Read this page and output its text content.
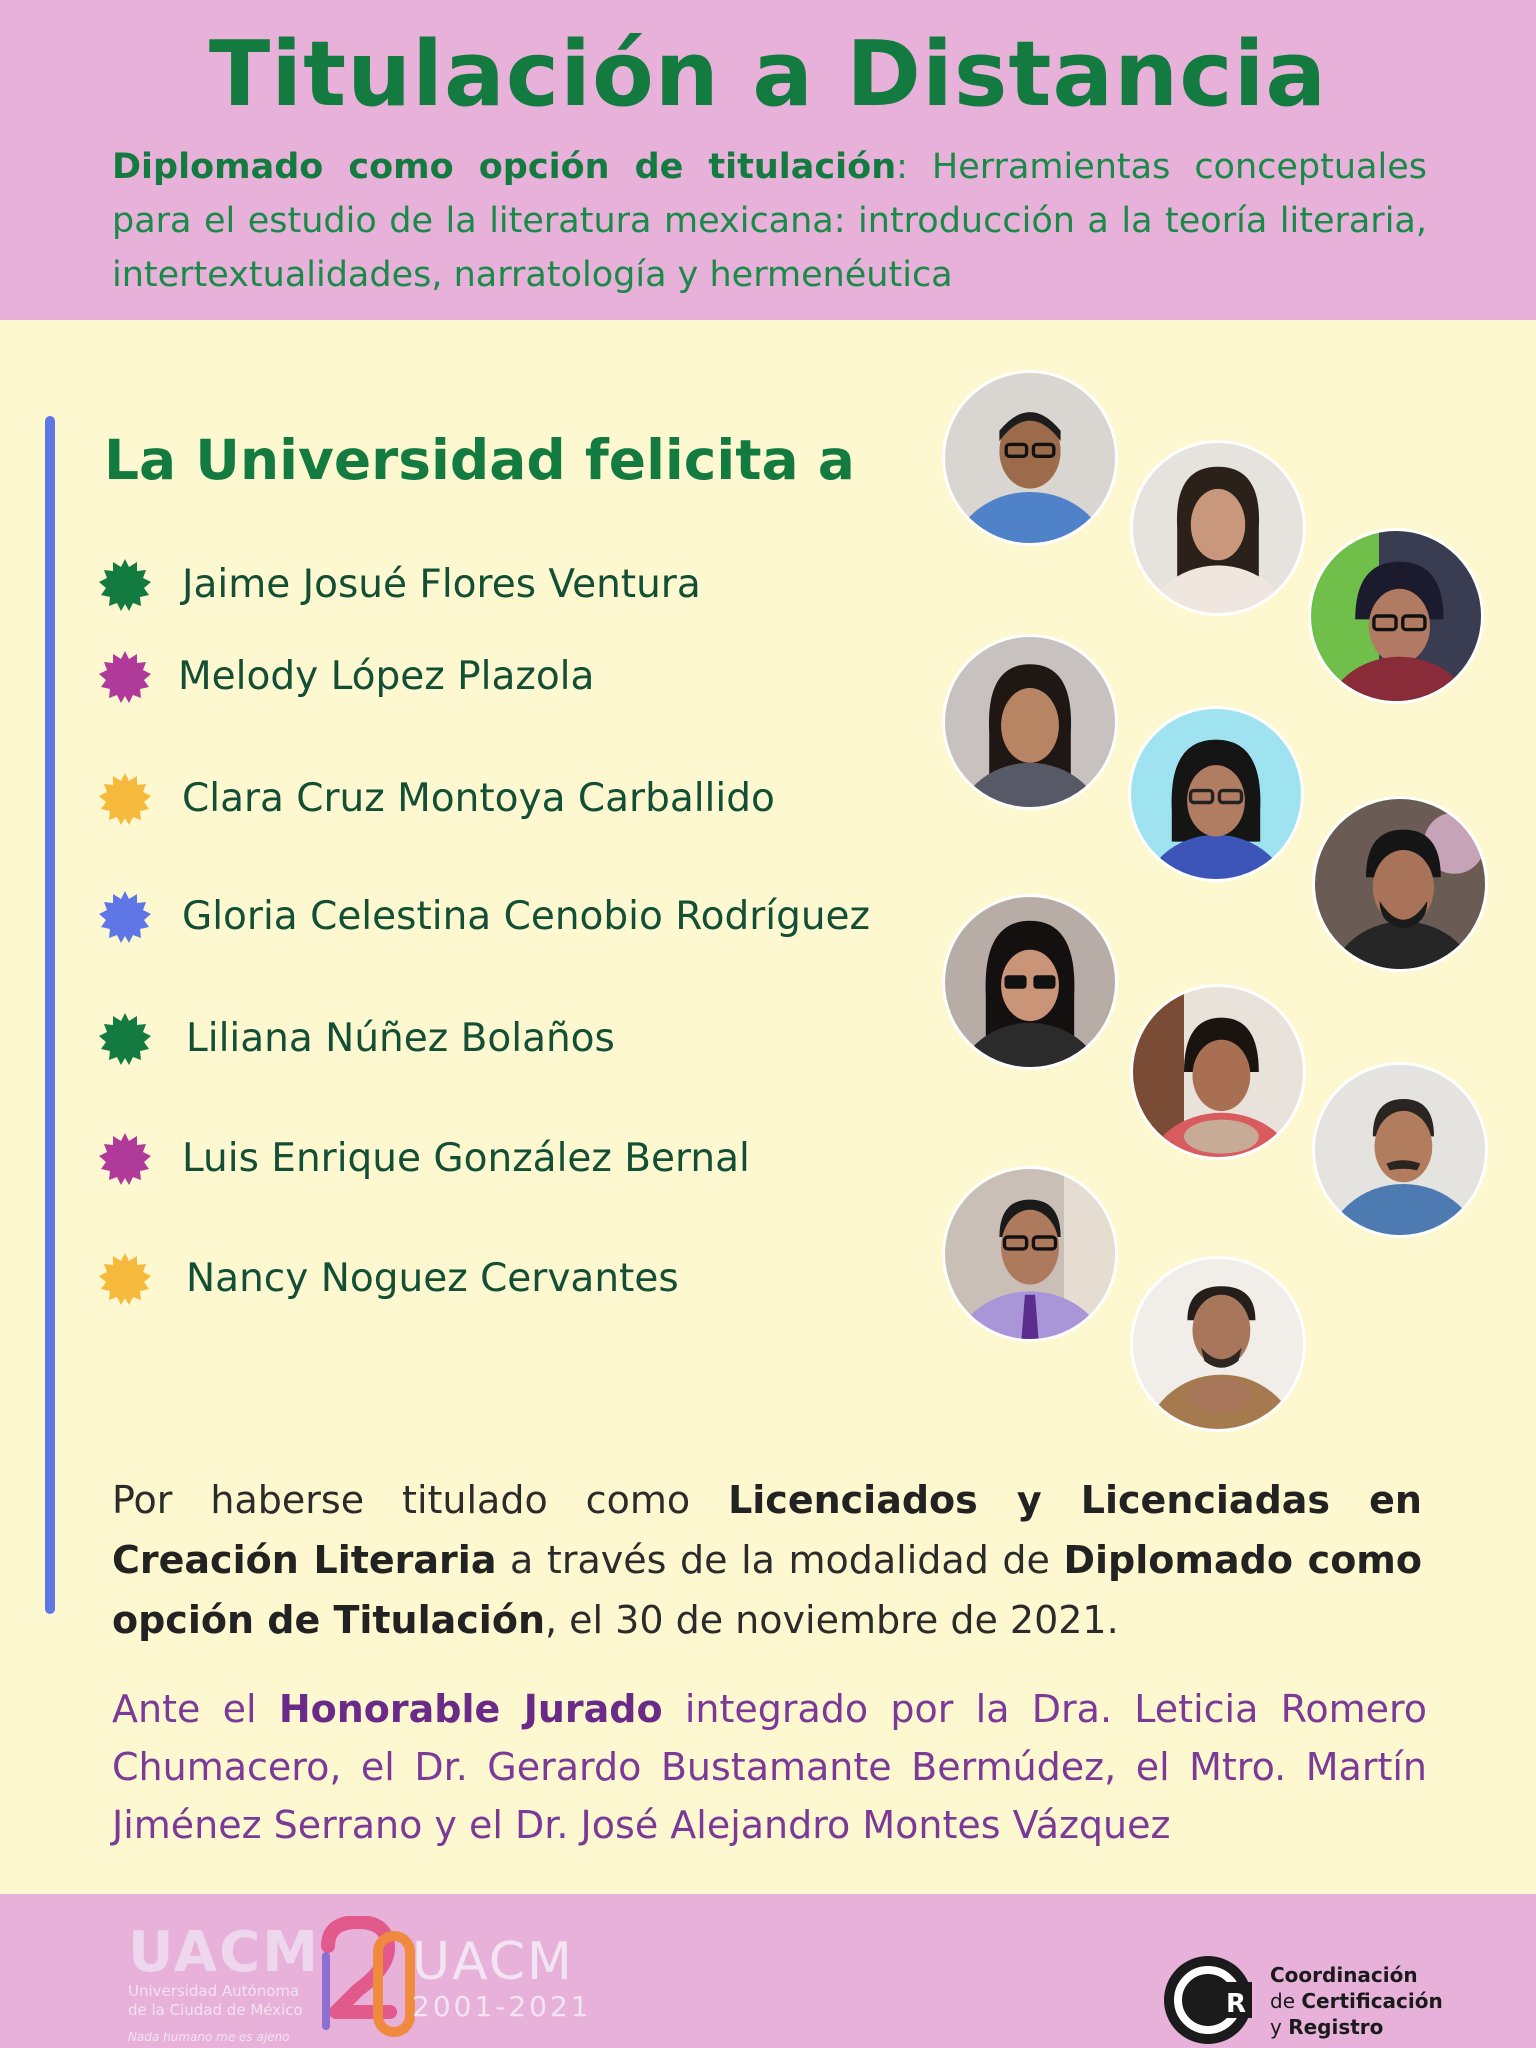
Titulación a Distancia

Diplomado como opción de titulación: Herramientas conceptuales para el estudio de la literatura mexicana: introducción a la teoría literaria, intertextualidades, narratología y hermenéutica

La Universidad felicita a
Jaime Josué Flores Ventura
Melody López Plazola
Clara Cruz Montoya Carballido
Gloria Celestina Cenobio Rodríguez
Liliana Núñez Bolaños
Luis Enrique González Bernal
Nancy Noguez Cervantes

Por haberse titulado como Licenciados y Licenciadas en Creación Literaria a través de la modalidad de Diplomado como opción de Titulación, el 30 de noviembre de 2021.

Ante el Honorable Jurado integrado por la Dra. Leticia Romero Chumacero, el Dr. Gerardo Bustamante Bermúdez, el Mtro. Martín Jiménez Serrano y el Dr. José Alejandro Montes Vázquez

UACM
Universidad Autónoma
de la Ciudad de México
Nada humano me es ajeno
UACM
2001-2021	R
Coordinación
de Certificación
y Registro
